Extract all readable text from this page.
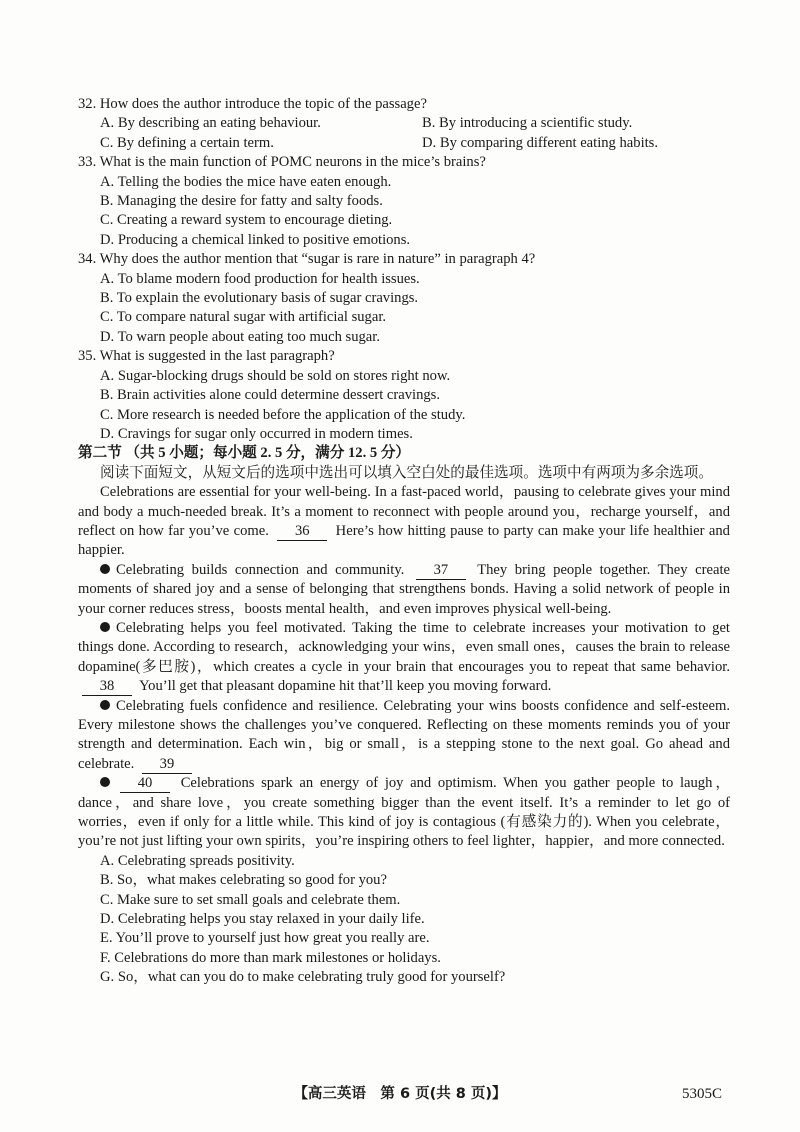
32. How does the author introduce the topic of the passage?
A. By describing an eating behaviour.	B. By introducing a scientific study.
C. By defining a certain term.	D. By comparing different eating habits.
33. What is the main function of POMC neurons in the mice’s brains?
A. Telling the bodies the mice have eaten enough.
B. Managing the desire for fatty and salty foods.
C. Creating a reward system to encourage dieting.
D. Producing a chemical linked to positive emotions.
34. Why does the author mention that “sugar is rare in nature” in paragraph 4?
A. To blame modern food production for health issues.
B. To explain the evolutionary basis of sugar cravings.
C. To compare natural sugar with artificial sugar.
D. To warn people about eating too much sugar.
35. What is suggested in the last paragraph?
A. Sugar-blocking drugs should be sold on stores right now.
B. Brain activities alone could determine dessert cravings.
C. More research is needed before the application of the study.
D. Cravings for sugar only occurred in modern times.
第二节 （共 5 小题；每小题 2. 5 分，满分 12. 5 分）
阅读下面短文，从短文后的选项中选出可以填入空白处的最佳选项。选项中有两项为多余选项。
Celebrations are essential for your well-being. In a fast-paced world，pausing to celebrate gives your mind and body a much-needed break. It’s a moment to reconnect with people around you，recharge yourself，and reflect on how far you’ve come. 36 Here’s how hitting pause to party can make your life healthier and happier.
Celebrating builds connection and community. 37 They bring people together. They create moments of shared joy and a sense of belonging that strengthens bonds. Having a solid network of people in your corner reduces stress，boosts mental health，and even improves physical well-being.
Celebrating helps you feel motivated. Taking the time to celebrate increases your motivation to get things done. According to research，acknowledging your wins，even small ones，causes the brain to release dopamine(多巴胺)，which creates a cycle in your brain that encourages you to repeat that same behavior. 38 You’ll get that pleasant dopamine hit that’ll keep you moving forward.
Celebrating fuels confidence and resilience. Celebrating your wins boosts confidence and self-esteem. Every milestone shows the challenges you’ve conquered. Reflecting on these moments reminds you of your strength and determination. Each win，big or small，is a stepping stone to the next goal. Go ahead and celebrate. 39
40 Celebrations spark an energy of joy and optimism. When you gather people to laugh，dance，and share love，you create something bigger than the event itself. It’s a reminder to let go of worries，even if only for a little while. This kind of joy is contagious (有感染力的). When you celebrate，you’re not just lifting your own spirits，you’re inspiring others to feel lighter，happier，and more connected.
A. Celebrating spreads positivity.
B. So，what makes celebrating so good for you?
C. Make sure to set small goals and celebrate them.
D. Celebrating helps you stay relaxed in your daily life.
E. You’ll prove to yourself just how great you really are.
F. Celebrations do more than mark milestones or holidays.
G. So，what can you do to make celebrating truly good for yourself?
【高三英语　第 6 页(共 8 页)】	5305C
